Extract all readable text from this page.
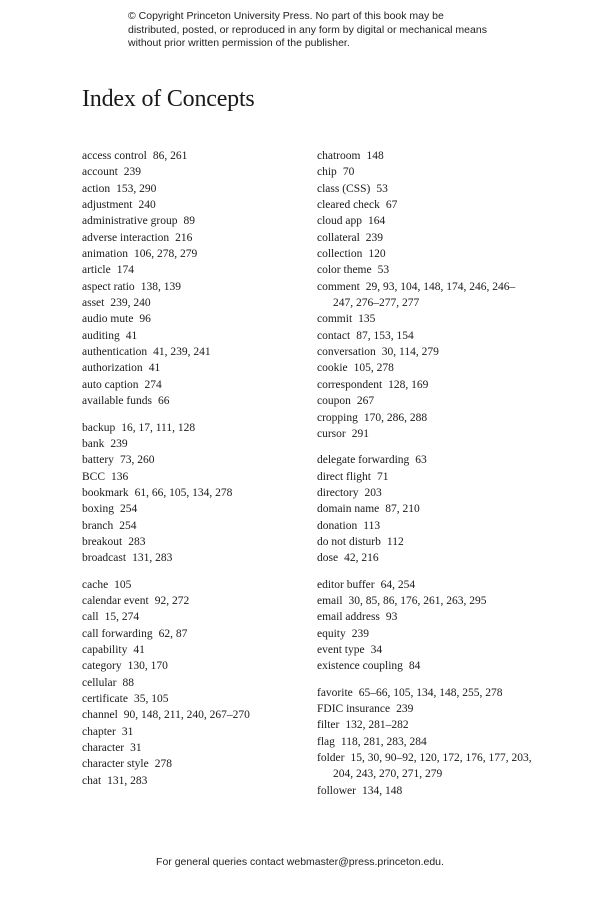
© Copyright Princeton University Press. No part of this book may be distributed, posted, or reproduced in any form by digital or mechanical means without prior written permission of the publisher.
Index of Concepts
access control 86, 261
account 239
action 153, 290
adjustment 240
administrative group 89
adverse interaction 216
animation 106, 278, 279
article 174
aspect ratio 138, 139
asset 239, 240
audio mute 96
auditing 41
authentication 41, 239, 241
authorization 41
auto caption 274
available funds 66
backup 16, 17, 111, 128
bank 239
battery 73, 260
BCC 136
bookmark 61, 66, 105, 134, 278
boxing 254
branch 254
breakout 283
broadcast 131, 283
cache 105
calendar event 92, 272
call 15, 274
call forwarding 62, 87
capability 41
category 130, 170
cellular 88
certificate 35, 105
channel 90, 148, 211, 240, 267–270
chapter 31
character 31
character style 278
chat 131, 283
chatroom 148
chip 70
class (CSS) 53
cleared check 67
cloud app 164
collateral 239
collection 120
color theme 53
comment 29, 93, 104, 148, 174, 246, 246–247, 276–277, 277
commit 135
contact 87, 153, 154
conversation 30, 114, 279
cookie 105, 278
correspondent 128, 169
coupon 267
cropping 170, 286, 288
cursor 291
delegate forwarding 63
direct flight 71
directory 203
domain name 87, 210
donation 113
do not disturb 112
dose 42, 216
editor buffer 64, 254
email 30, 85, 86, 176, 261, 263, 295
email address 93
equity 239
event type 34
existence coupling 84
favorite 65–66, 105, 134, 148, 255, 278
FDIC insurance 239
filter 132, 281–282
flag 118, 281, 283, 284
folder 15, 30, 90–92, 120, 172, 176, 177, 203, 204, 243, 270, 271, 279
follower 134, 148
For general queries contact webmaster@press.princeton.edu.
